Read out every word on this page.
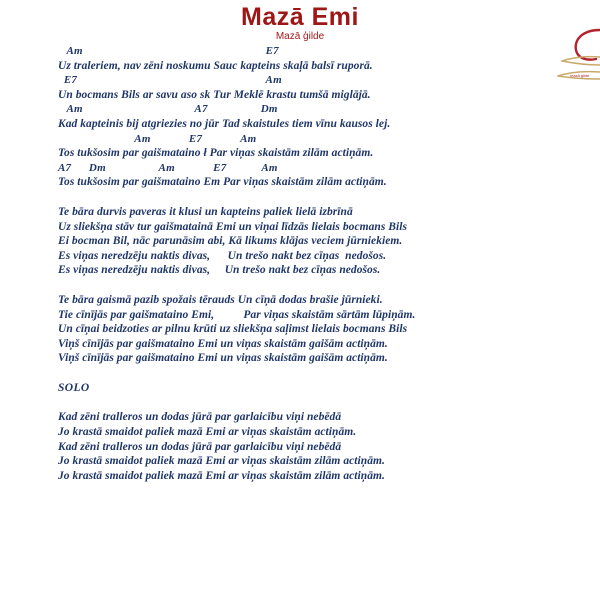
Mazā Emi
Mazā ģilde
mazā ģilde
Am                                                              E7
Uz traleriem, nav zēni noskumu Sauc kapteins skaļā balsī ruporā.
E7                                                                Am
Un bocmans Bils ar savu aso sk Tur Meklē krastu tumšā miglājā.
Am                                      A7                  Dm
Kad kapteinis bij atgriezies no jūr Tad skaistules tiem vīnu kausos lej.
Am             E7             Am
Tos tukšosim par gaišmataino ł Par viņas skaistām zilām actiņām.
A7      Dm                  Am             E7            Am
Tos tukšosim par gaišmataino Em Par viņas skaistām zilām actiņām.
Te bāra durvis paveras it klusi un kapteins paliek lielā izbrīnā
Uz sliekšņa stāv tur gaišmatainā Emi un viņai līdzās lielais bocmans Bils
Ei bocman Bil, nāc parunāsim abi, Kā likums klājas veciem jūrniekiem.
Es viņas neredzēju naktis divas,      Un trešo nakt bez cīņas  nedošos.
Es viņas neredzēju naktis divas,     Un trešo nakt bez cīņas nedošos.
Te bāra gaismā pazib spožais tērauds Un cīņā dodas brašie jūrnieki.
Tie cīnījās par gaišmataino Emi,          Par viņas skaistām sārtām lūpiņām.
Un cīņai beidzoties ar pilnu krūti uz sliekšņa saļimst lielais bocmans Bils
Viņš cīnījās par gaišmataino Emi un viņas skaistām gaišām actiņām.
Viņš cīnījās par gaišmataino Emi un viņas skaistām gaišām actiņām.
SOLO
Kad zēni tralleros un dodas jūrā par garlaicību viņi nebēdā
Jo krastā smaidot paliek mazā Emi ar viņas skaistām actiņām.
Kad zēni tralleros un dodas jūrā par garlaicību viņi nebēdā
Jo krastā smaidot paliek mazā Emi ar viņas skaistām zilām actiņām.
Jo krastā smaidot paliek mazā Emi ar viņas skaistām zilām actiņām.
